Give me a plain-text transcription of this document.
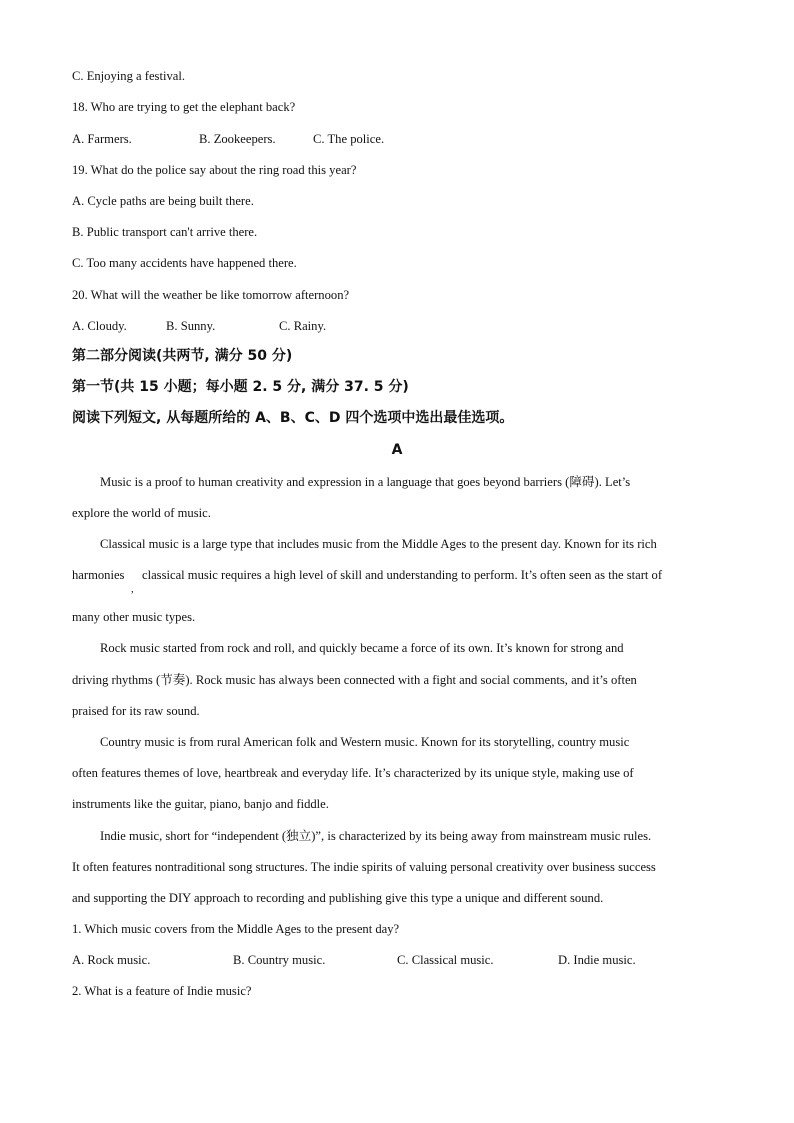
C. Enjoying a festival.
18. Who are trying to get the elephant back?
A. Farmers.	B. Zookeepers.	C. The police.
19. What do the police say about the ring road this year?
A. Cycle paths are being built there.
B. Public transport can't arrive there.
C. Too many accidents have happened there.
20. What will the weather be like tomorrow afternoon?
A. Cloudy.	B. Sunny.	C. Rainy.
第二部分阅读(共两节, 满分 50 分)
第一节(共 15 小题；每小题 2. 5 分, 满分 37. 5 分)
阅读下列短文, 从每题所给的 A、B、C、D 四个选项中选出最佳选项。
A
Music is a proof to human creativity and expression in a language that goes beyond barriers (障碍). Let’s
explore the world of music.
Classical music is a large type that includes music from the Middle Ages to the present day. Known for its rich
harmonies
,
classical music requires a high level of skill and understanding to perform. It’s often seen as the start of
many other music types.
Rock music started from rock and roll, and quickly became a force of its own. It’s known for strong and
driving rhythms (节奏). Rock music has always been connected with a fight and social comments, and it’s often
praised for its raw sound.
Country music is from rural American folk and Western music. Known for its storytelling, country music
often features themes of love, heartbreak and everyday life. It’s characterized by its unique style, making use of
instruments like the guitar, piano, banjo and fiddle.
Indie music, short for “independent (独立)”, is characterized by its being away from mainstream music rules.
It often features nontraditional song structures. The indie spirits of valuing personal creativity over business success
and supporting the DIY approach to recording and publishing give this type a unique and different sound.
1. Which music covers from the Middle Ages to the present day?
A. Rock music.	B. Country music.	C. Classical music.	D. Indie music.
2. What is a feature of Indie music?
